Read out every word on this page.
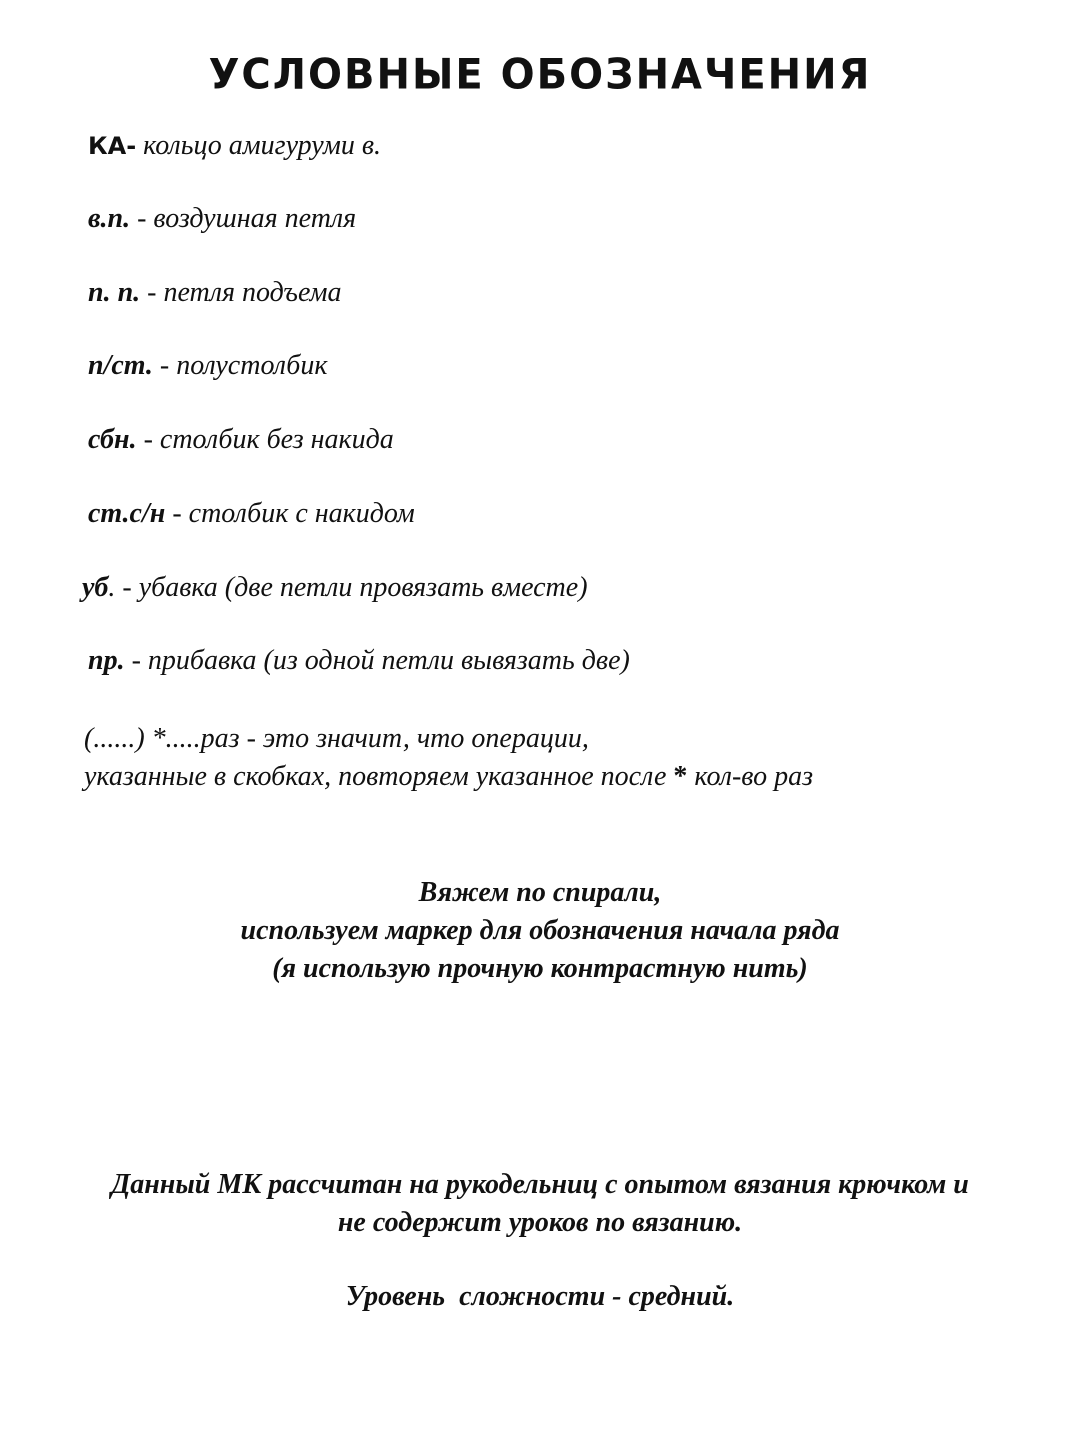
УСЛОВНЫЕ ОБОЗНАЧЕНИЯ
КА- кольцо амигуруми в.
в.п. - воздушная петля
п. п. - петля подъема
п/ст. - полустолбик
сбн. - столбик без накида
ст.с/н - столбик с накидом
уб. - убавка (две петли провязать вместе)
пр. - прибавка (из одной петли вывязать две)
(......) *.....раз - это значит, что операции,
указанные в скобках, повторяем указанное после * кол-во раз
Вяжем по спирали,
используем маркер для обозначения начала ряда
(я использую прочную контрастную нить)
Данный МК рассчитан на рукодельниц с опытом вязания крючком и
не содержит уроков по вязанию.
Уровень  сложности - средний.
